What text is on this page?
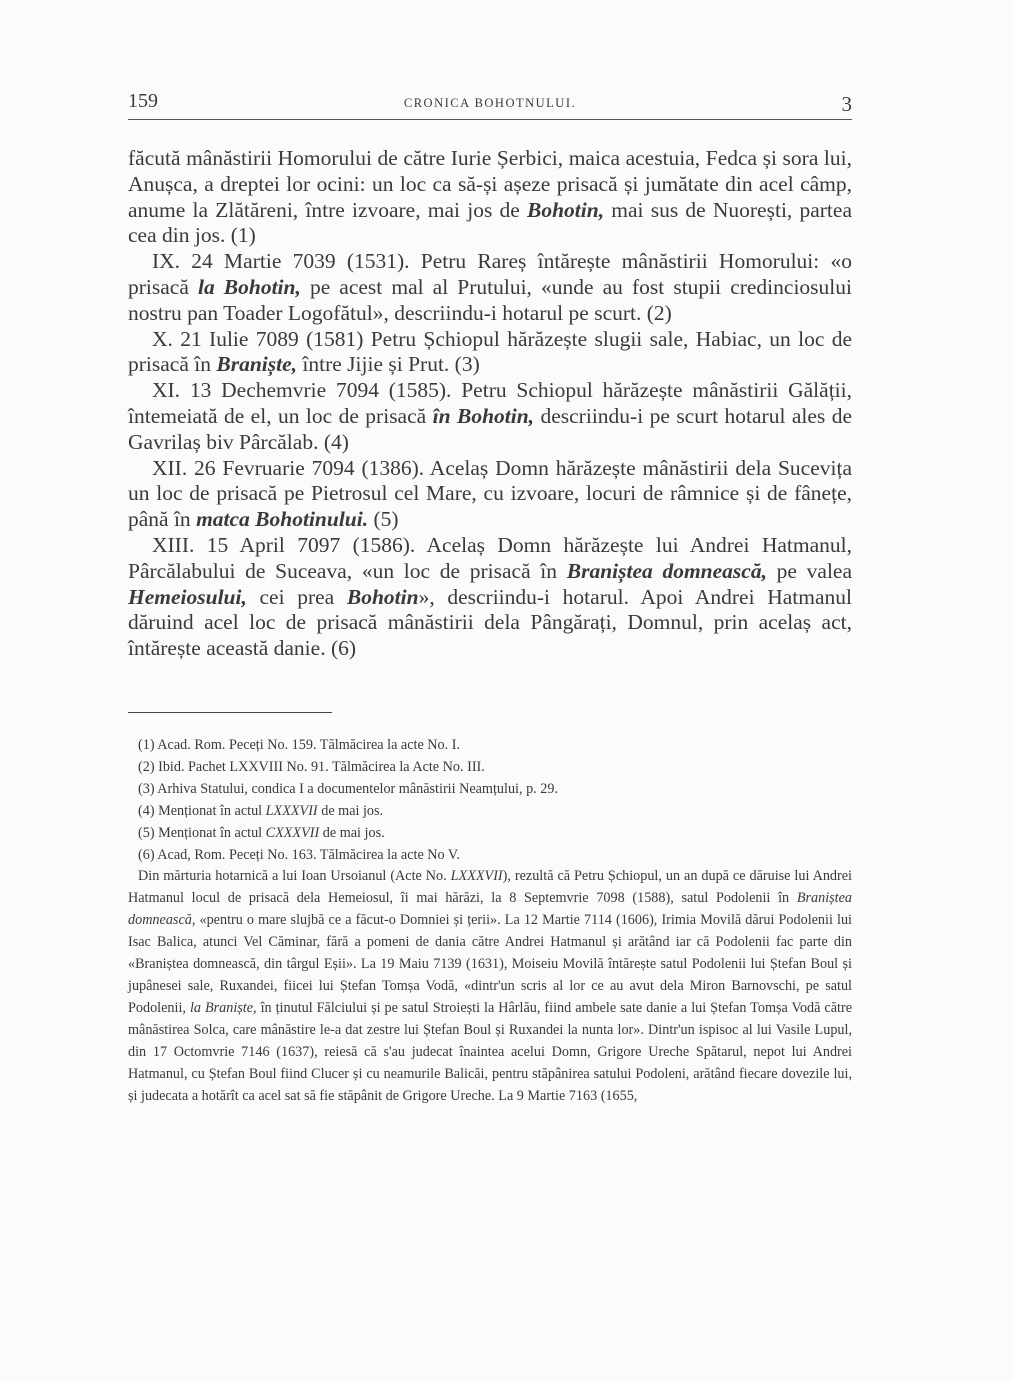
159	CRONICA BOHOTNULUI.	3

făcută mânăstirii Homorului de către Iurie Șerbici, maica acestuia, Fedca și sora lui, Anușca, a dreptei lor ocini: un loc ca să-și așeze prisacă și jumătate din acel câmp, anume la Zlătăreni, între izvoare, mai jos de Bohotin, mai sus de Nuorești, partea cea din jos. (1)

IX. 24 Martie 7039 (1531). Petru Rareș întărește mânăstirii Homorului: «o prisacă la Bohotin, pe acest mal al Prutului, «unde au fost stupii credinciosului nostru pan Toader Logofătul», descriindu-i hotarul pe scurt. (2)

X. 21 Iulie 7089 (1581) Petru Șchiopul hărăzește slugii sale, Habiac, un loc de prisacă în Braniște, între Jijie și Prut. (3)

XI. 13 Dechemvrie 7094 (1585). Petru Schiopul hărăzește mânăstirii Gălății, întemeiată de el, un loc de prisacă în Bohotin, descriindu-i pe scurt hotarul ales de Gavrilaș biv Pârcălab. (4)

XII. 26 Fevruarie 7094 (1386). Acelaș Domn hărăzește mânăstirii dela Sucevița un loc de prisacă pe Pietrosul cel Mare, cu izvoare, locuri de râmnice și de fânețe, până în matca Bohotinului. (5)

XIII. 15 April 7097 (1586). Acelaș Domn hărăzește lui Andrei Hatmanul, Pârcălabului de Suceava, «un loc de prisacă în Braniștea domnească, pe valea Hemeiosului, cei prea Bohotin», descriindu-i hotarul. Apoi Andrei Hatmanul dăruind acel loc de prisacă mânăstirii dela Pângărați, Domnul, prin acelaș act, întărește această danie. (6)

(1) Acad. Rom. Peceți No. 159. Tălmăcirea la acte No. I.

(2) Ibid. Pachet LXXVIII No. 91. Tălmăcirea la Acte No. III.

(3) Arhiva Statului, condica I a documentelor mânăstirii Neamțului, p. 29.

(4) Menționat în actul LXXXVII de mai jos.

(5) Menționat în actul CXXXVII de mai jos.

(6) Acad, Rom. Peceți No. 163. Tălmăcirea la acte No V.

Din mărturia hotarnică a lui Ioan Ursoianul (Acte No. LXXXVII), rezultă că Petru Șchiopul, un an după ce dăruise lui Andrei Hatmanul locul de prisacă dela Hemeiosul, îi mai hărăzi, la 8 Septemvrie 7098 (1588), satul Podolenii în Braniștea domnească, «pentru o mare slujbă ce a făcut-o Domniei și țerii». La 12 Martie 7114 (1606), Irimia Movilă dărui Podolenii lui Isac Balica, atunci Vel Căminar, fără a pomeni de dania către Andrei Hatmanul și arătând iar că Podolenii fac parte din «Braniștea domnească, din târgul Eșii». La 19 Maiu 7139 (1631), Moiseiu Movilă întărește satul Podolenii lui Ștefan Boul și jupânesei sale, Ruxandei, fiicei lui Ștefan Tomșa Vodă, «dintr'un scris al lor ce au avut dela Miron Barnovschi, pe satul Podolenii, la Braniște, în ținutul Fălciului și pe satul Stroiești la Hârlău, fiind ambele sate danie a lui Ștefan Tomșa Vodă către mânăstirea Solca, care mânăstire le-a dat zestre lui Ștefan Boul și Ruxandei la nunta lor». Dintr'un ispisoc al lui Vasile Lupul, din 17 Octomvrie 7146 (1637), reiesă că s'au judecat înaintea acelui Domn, Grigore Ureche Spătarul, nepot lui Andrei Hatmanul, cu Ștefan Boul fiind Clucer și cu neamurile Balicăi, pentru stăpânirea satului Podoleni, arătând fiecare dovezile lui, și judecata a hotărît ca acel sat să fie stăpânit de Grigore Ureche. La 9 Martie 7163 (1655,
